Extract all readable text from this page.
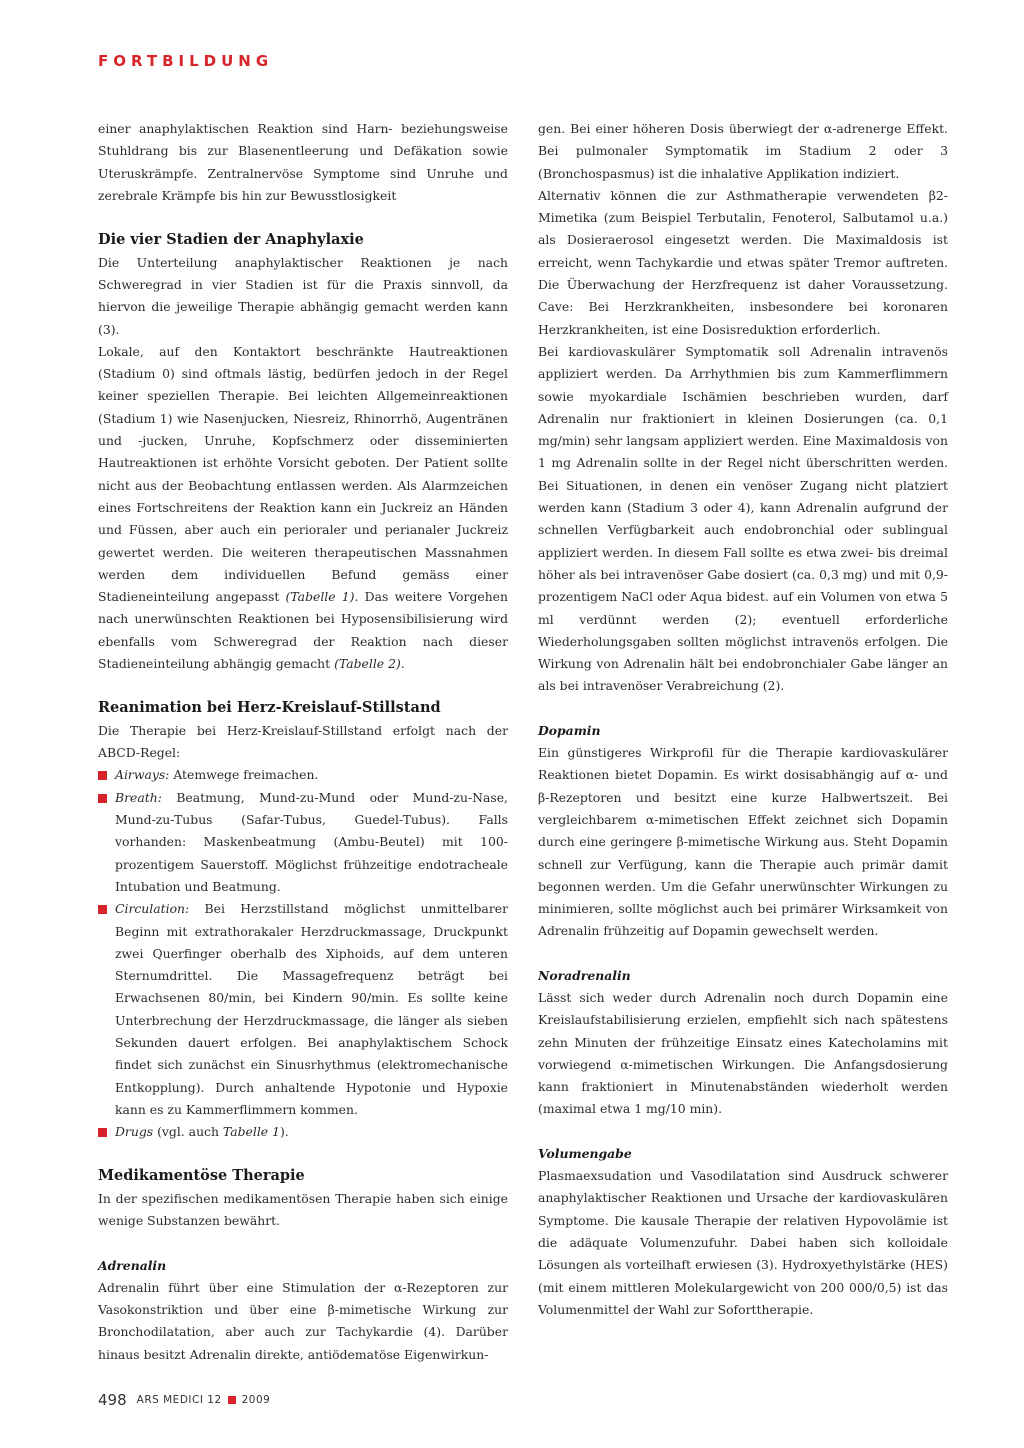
FORTBILDUNG

einer anaphylaktischen Reaktion sind Harn- beziehungsweise Stuhldrang bis zur Blasenentleerung und Defäkation sowie Uteruskrämpfe. Zentralnervöse Symptome sind Unruhe und zerebrale Krämpfe bis hin zur Bewusstlosigkeit

Die vier Stadien der Anaphylaxie

Die Unterteilung anaphylaktischer Reaktionen je nach Schweregrad in vier Stadien ist für die Praxis sinnvoll, da hiervon die jeweilige Therapie abhängig gemacht werden kann (3).

Lokale, auf den Kontaktort beschränkte Hautreaktionen (Stadium 0) sind oftmals lästig, bedürfen jedoch in der Regel keiner speziellen Therapie. Bei leichten Allgemeinreaktionen (Stadium 1) wie Nasenjucken, Niesreiz, Rhinorrhö, Augentränen und -jucken, Unruhe, Kopfschmerz oder disseminierten Hautreaktionen ist erhöhte Vorsicht geboten. Der Patient sollte nicht aus der Beobachtung entlassen werden. Als Alarmzeichen eines Fortschreitens der Reaktion kann ein Juckreiz an Händen und Füssen, aber auch ein perioraler und perianaler Juckreiz gewertet werden. Die weiteren therapeutischen Massnahmen werden dem individuellen Befund gemäss einer Stadieneinteilung angepasst (Tabelle 1). Das weitere Vorgehen nach unerwünschten Reaktionen bei Hyposensibilisierung wird ebenfalls vom Schweregrad der Reaktion nach dieser Stadieneinteilung abhängig gemacht (Tabelle 2).

Reanimation bei Herz-Kreislauf-Stillstand

Die Therapie bei Herz-Kreislauf-Stillstand erfolgt nach der ABCD-Regel:

Airways: Atemwege freimachen.

Breath: Beatmung, Mund-zu-Mund oder Mund-zu-Nase, Mund-zu-Tubus (Safar-Tubus, Guedel-Tubus). Falls vorhanden: Maskenbeatmung (Ambu-Beutel) mit 100-prozentigem Sauerstoff. Möglichst frühzeitige endotracheale Intubation und Beatmung.

Circulation: Bei Herzstillstand möglichst unmittelbarer Beginn mit extrathorakaler Herzdruckmassage, Druckpunkt zwei Querfinger oberhalb des Xiphoids, auf dem unteren Sternumdrittel. Die Massagefrequenz beträgt bei Erwachsenen 80/min, bei Kindern 90/min. Es sollte keine Unterbrechung der Herzdruckmassage, die länger als sieben Sekunden dauert erfolgen. Bei anaphylaktischem Schock findet sich zunächst ein Sinusrhythmus (elektromechanische Entkopplung). Durch anhaltende Hypotonie und Hypoxie kann es zu Kammerflimmern kommen.

Drugs (vgl. auch Tabelle 1).

Medikamentöse Therapie

In der spezifischen medikamentösen Therapie haben sich einige wenige Substanzen bewährt.

Adrenalin

Adrenalin führt über eine Stimulation der α-Rezeptoren zur Vasokonstriktion und über eine β-mimetische Wirkung zur Bronchodilatation, aber auch zur Tachykardie (4). Darüber hinaus besitzt Adrenalin direkte, antiödematöse Eigenwirkun-

gen. Bei einer höheren Dosis überwiegt der α-adrenerge Effekt. Bei pulmonaler Symptomatik im Stadium 2 oder 3 (Bronchospasmus) ist die inhalative Applikation indiziert.

Alternativ können die zur Asthmatherapie verwendeten β2-Mimetika (zum Beispiel Terbutalin, Fenoterol, Salbutamol u.a.) als Dosieraerosol eingesetzt werden. Die Maximaldosis ist erreicht, wenn Tachykardie und etwas später Tremor auftreten. Die Überwachung der Herzfrequenz ist daher Voraussetzung. Cave: Bei Herzkrankheiten, insbesondere bei koronaren Herzkrankheiten, ist eine Dosisreduktion erforderlich.

Bei kardiovaskulärer Symptomatik soll Adrenalin intravenös appliziert werden. Da Arrhythmien bis zum Kammerflimmern sowie myokardiale Ischämien beschrieben wurden, darf Adrenalin nur fraktioniert in kleinen Dosierungen (ca. 0,1 mg/min) sehr langsam appliziert werden. Eine Maximaldosis von 1 mg Adrenalin sollte in der Regel nicht überschritten werden. Bei Situationen, in denen ein venöser Zugang nicht platziert werden kann (Stadium 3 oder 4), kann Adrenalin aufgrund der schnellen Verfügbarkeit auch endobronchial oder sublingual appliziert werden. In diesem Fall sollte es etwa zwei- bis dreimal höher als bei intravenöser Gabe dosiert (ca. 0,3 mg) und mit 0,9-prozentigem NaCl oder Aqua bidest. auf ein Volumen von etwa 5 ml verdünnt werden (2); eventuell erforderliche Wiederholungsgaben sollten möglichst intravenös erfolgen. Die Wirkung von Adrenalin hält bei endobronchialer Gabe länger an als bei intravenöser Verabreichung (2).

Dopamin

Ein günstigeres Wirkprofil für die Therapie kardiovaskulärer Reaktionen bietet Dopamin. Es wirkt dosisabhängig auf α- und β-Rezeptoren und besitzt eine kurze Halbwertszeit. Bei vergleichbarem α-mimetischen Effekt zeichnet sich Dopamin durch eine geringere β-mimetische Wirkung aus. Steht Dopamin schnell zur Verfügung, kann die Therapie auch primär damit begonnen werden. Um die Gefahr unerwünschter Wirkungen zu minimieren, sollte möglichst auch bei primärer Wirksamkeit von Adrenalin frühzeitig auf Dopamin gewechselt werden.

Noradrenalin

Lässt sich weder durch Adrenalin noch durch Dopamin eine Kreislaufstabilisierung erzielen, empfiehlt sich nach spätestens zehn Minuten der frühzeitige Einsatz eines Katecholamins mit vorwiegend α-mimetischen Wirkungen. Die Anfangsdosierung kann fraktioniert in Minutenabständen wiederholt werden (maximal etwa 1 mg/10 min).

Volumengabe

Plasmaexsudation und Vasodilatation sind Ausdruck schwerer anaphylaktischer Reaktionen und Ursache der kardiovaskulären Symptome. Die kausale Therapie der relativen Hypovolämie ist die adäquate Volumenzufuhr. Dabei haben sich kolloidale Lösungen als vorteilhaft erwiesen (3). Hydroxyethylstärke (HES) (mit einem mittleren Molekulargewicht von 200 000/0,5) ist das Volumenmittel der Wahl zur Soforttherapie.

498 ARS MEDICI 12 2009
